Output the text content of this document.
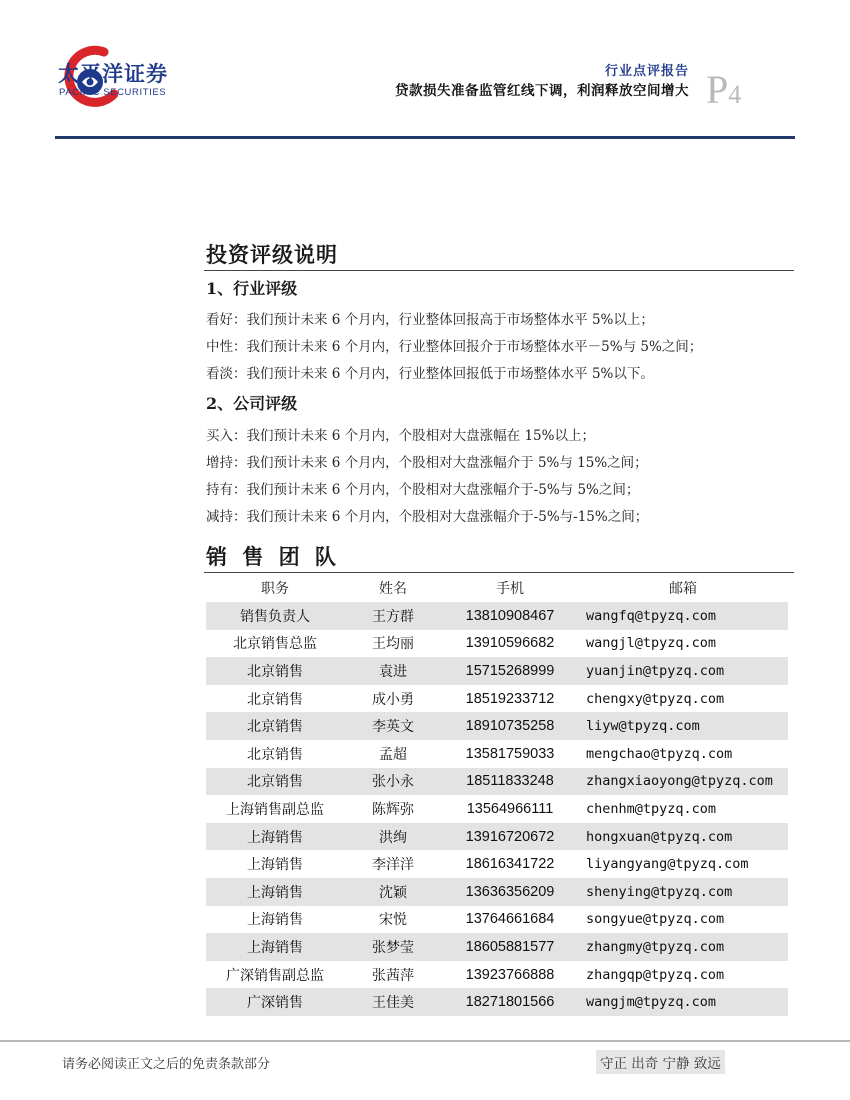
太平洋证券
PACIFIC SECURITIES
行业点评报告
贷款损失准备监管红线下调，利润释放空间增大 P4
投资评级说明
1、行业评级
看好：我们预计未来 6 个月内，行业整体回报高于市场整体水平 5%以上；
中性：我们预计未来 6 个月内，行业整体回报介于市场整体水平－5%与 5%之间；
看淡：我们预计未来 6 个月内，行业整体回报低于市场整体水平 5%以下。
2、公司评级
买入：我们预计未来 6 个月内，个股相对大盘涨幅在 15%以上；
增持：我们预计未来 6 个月内，个股相对大盘涨幅介于 5%与 15%之间；
持有：我们预计未来 6 个月内，个股相对大盘涨幅介于-5%与 5%之间；
减持：我们预计未来 6 个月内，个股相对大盘涨幅介于-5%与-15%之间；
销 售 团 队
职务	姓名	手机	邮箱
销售负责人	王方群	13810908467	wangfq@tpyzq.com
北京销售总监	王均丽	13910596682	wangjl@tpyzq.com
北京销售	袁进	15715268999	yuanjin@tpyzq.com
北京销售	成小勇	18519233712	chengxy@tpyzq.com
北京销售	李英文	18910735258	liyw@tpyzq.com
北京销售	孟超	13581759033	mengchao@tpyzq.com
北京销售	张小永	18511833248	zhangxiaoyong@tpyzq.com
上海销售副总监	陈辉弥	13564966111	chenhm@tpyzq.com
上海销售	洪绚	13916720672	hongxuan@tpyzq.com
上海销售	李洋洋	18616341722	liyangyang@tpyzq.com
上海销售	沈颖	13636356209	shenying@tpyzq.com
上海销售	宋悦	13764661684	songyue@tpyzq.com
上海销售	张梦莹	18605881577	zhangmy@tpyzq.com
广深销售副总监	张茜萍	13923766888	zhangqp@tpyzq.com
广深销售	王佳美	18271801566	wangjm@tpyzq.com
请务必阅读正文之后的免责条款部分	守正 出奇 宁静 致远
